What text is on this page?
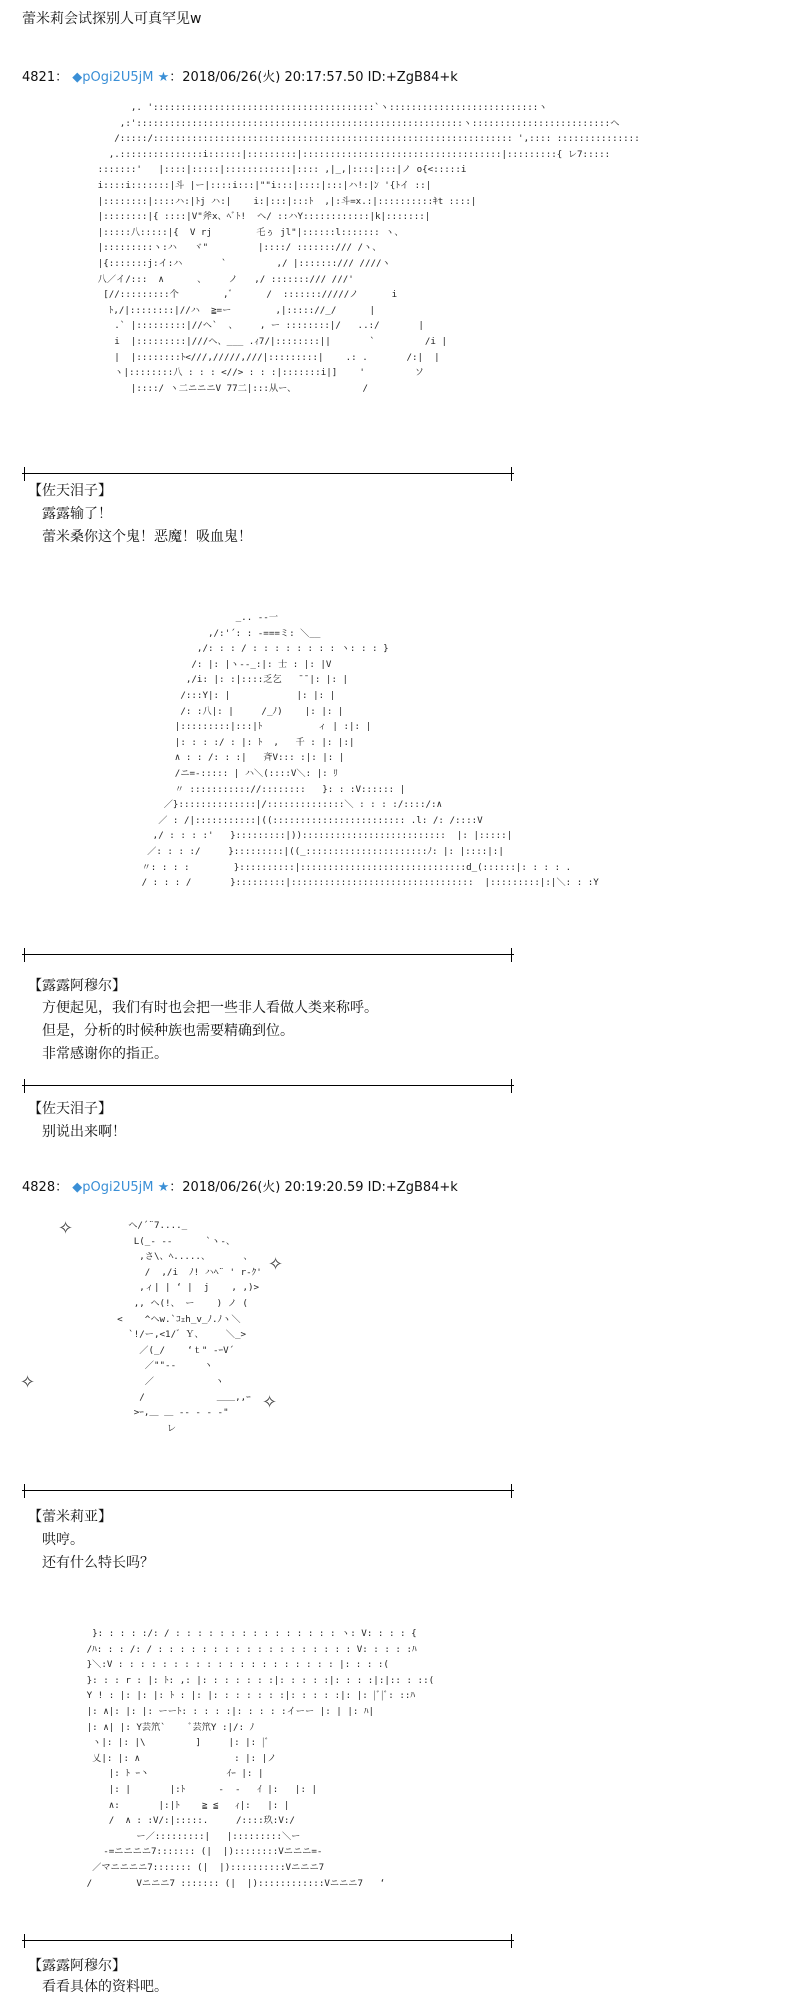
蕾米莉会试探别人可真罕见w
4821： ◆pOgi2U5jM ★：2018/06/26(火) 20:17:57.50 ID:+ZgB84+k
,. '::::::::::::::::::::::::::::::::::::::::`ヽ:::::::::::::::::::::::::::ヽ
,:':::::::::::::::::::::::::::::::::::::::::::::::::::::::::::ヽ:::::::::::::::::::::::::ヘ
/:::::/::::::::::::::::::::::::::::::::::::::::::::::::::::::::::::::::: ',:::: :::::::::::::::
,.:::::::::::::::i::::::|:::::::::|::::::::::::::::::::::::::::::::::::|:::::::::{ レ7:::::
:::::::'   |::::|:::::|::::::::::::|:::: ,|_,|::::|:::|ノ o{<:::::i
i::::i:::::::|斗 |ー|::::i:::|""i:::|::::|:::|ハ!:|ﾝ '{ﾄイ ::|
|::::::::|::::ハ:|ﾄj ハ:|    i:|:::|:::ﾄ  ,|:斗=x.:|::::::::::ｷt ::::|
|::::::::|{ ::::|V"斧x、ﾍﾞﾄ!  ヘ/ ::ハY::::::::::::|k|:::::::|
|:::::八:::::|{  V rj        乇ぅ jl"|::::::l::::::: ヽ、
|:::::::::ヽ:ハ   ヾ"         |::::/ :::::::/// /ヽ、
|{:::::::j:イ:ハ       `         ,/ |:::::::/// ////ヽ
八／イ/:::  ∧      、    ノ   ,/ :::::::/// ///'
[//:::::::::个        ,ﾞ      /  ::::::://///ノ      i
ﾄ,/|::::::::|//ハ  ≧=ー        ,|::::://_/      |
.` |:::::::::|//ヘ`  、    , ー ::::::::|/   ..:/       |
i  |:::::::::|///ヘ、___ .ｨ7/|::::::::||       `         /i |
|  |::::::::ﾄ<///,/////,///|:::::::::|    .: .       /:|  |
ヽ|::::::::八 : : : <//> : : :|:::::::i|]    '         ソ
|::::/ ヽ二ニニニV 77二|:::从ー、            /
【佐天泪子】
露露输了！
蕾米桑你这个鬼！恶魔！吸血鬼！
_.. -‐一
,/:'´: : -===ミ: ＼__
,/: : : / : : : : : : : : ヽ: : : }
/: |: |ヽ‐-_:|: 士 : |: |V
,/i: |: :|::::乏乞   ̄ ̄ |: |: |
/:::Y|: |            |: |: |
/: :八|: |     /_ﾉ)    |: |: |
|:::::::::|:::|ﾄ          ィ | :|: |
|: : : :/ : |: ﾄ  ,   千 : |: |:|
∧ : : /: : :|   斉V::: :|: |: |
/ニ=-::::: | ハ＼(::::V＼: |: ﾘ
〃 ::::::::::://::::::::   }: : :V:::::: |
／}::::::::::::::|/::::::::::::::＼ : : : :/::::/:∧
／ : /|:::::::::::|((:::::::::::::::::::::::: .l: /: /::::V
,/ : : : :'   }:::::::::|))::::::::::::::::::::::::::  |: |:::::|
／: : : :/     }:::::::::|((_::::::::::::::::::::::ﾉ: |: |::::|:|
〃: : : :        }::::::::::|::::::::::::::::::::::::::::::d_(::::::|: : : : .
/ : : : /       }:::::::::|:::::::::::::::::::::::::::::::::  |:::::::::|:|＼: : :Y
【露露阿穆尔】
方便起见，我们有时也会把一些非人看做人类来称呼。
但是，分析的时候种族也需要精确到位。
非常感谢你的指正。
【佐天泪子】
别说出来啊！
4828： ◆pOgi2U5jM ★：2018/06/26(火) 20:19:20.59 ID:+ZgB84+k
✧
✧
✧
✧
ヘ/´¨7...._
L(_‐ ‐‐      `ヽ-、
,さ\、ﾍ.....、      、
/  ,/i  ﾉ! ハﾍ¨ ' r-ｸ'
,ィ| | ‘ |  j    , ,)>
,, ヘ(!、 ー    ) ノ (
<    ^ヘw.`ｺｪh_v_ﾉ.ﾉヽ＼
`!/ー,<1/゛Ｙ、    ＼_>
／(_/    ‘ｔ" ‐ｰV´
／""‐-     ヽ
／           ヽ
/             ＿＿,,ｰ
>ｰ,＿ ＿ -‐ ‐ ‐ ‐"
レ
【蕾米莉亚】
哄哼。
还有什么特长吗？
}: : : : :/: / : : : : : : : : : : : : : : : ヽ: V: : : : {
/ﾊ: : : /: / : : : : : : : : : : : : : : : : : : V: : : : :ﾊ
}＼:V : : : : : : : : : : : : : : : : : : : : |: : : :(
}: : : r : |: ﾄ: ,: |: : : : : : :|: : : : :|: : : :|:|:: : ::(
Y ! : |: |: |: ﾄ : |: |: : : : : : :|: : : : :|: |: |ﾞ|ﾞ: ::ﾊ
|: ∧|: |: |: ーーﾄ: : : : :|: : : : :イーー |: | |: ﾊ|
|: ∧| |: Y芸笊`    ﾞ芸笊Y :|/: ﾉ
ヽ|: |: |\         ]     |: |: |ﾞ
乂|: |: ∧                 : |: |ノ
|: ﾄ ｰ丶              ｲｰ |: |
|: |       |:ﾄ      -  -   ｲ |:   |: |
∧:       |:|ﾄ    ≧ ≦   ｨ|:   |: |
/  ∧ : :V/:|:::::.     /::::玖:V:/
ー／:::::::::|   |:::::::::＼ー
-=ニニニニ7::::::: (|  |)::::::::Vニニニ=-
／マニニニニ7::::::: (|  |)::::::::::Vニニニ7
/        Vニニニ7 ::::::: (|  |)::::::::::::Vニニニ7   ‘
【露露阿穆尔】
看看具体的资料吧。
